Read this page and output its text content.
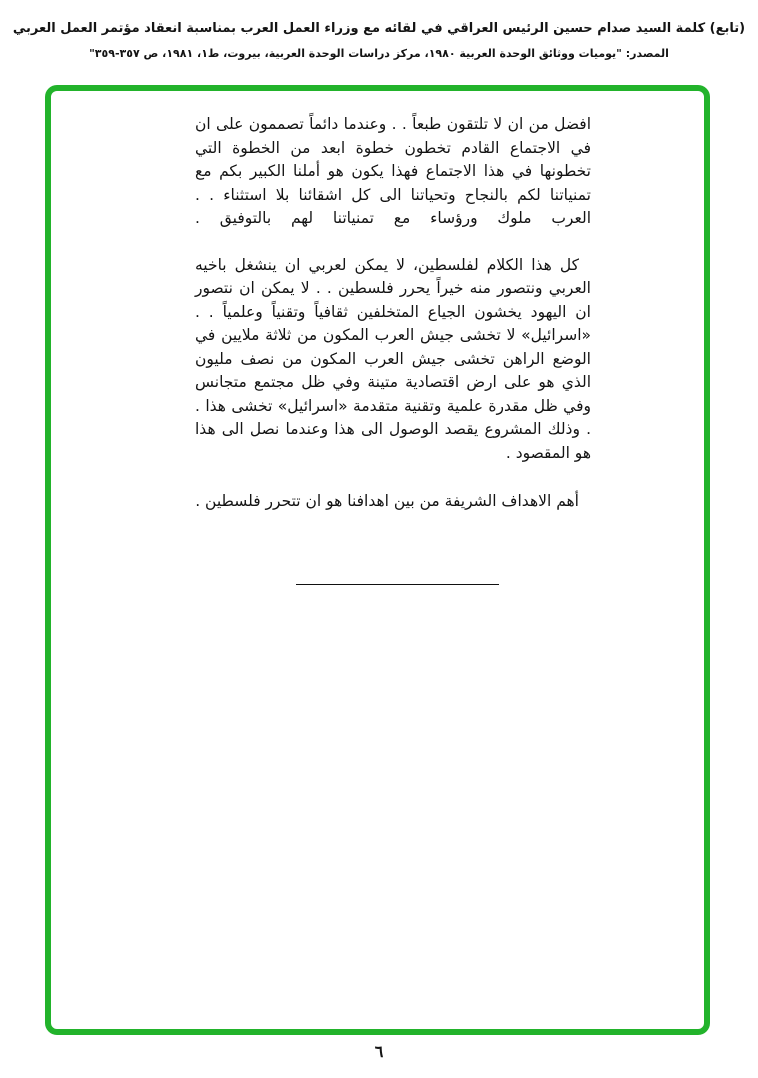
(تابع) كلمة السيد صدام حسين الرئيس العراقي في لقائه مع وزراء العمل العرب بمناسبة انعقاد مؤتمر العمل العربي
المصدر: "يوميات ووثائق الوحدة العربية ١٩٨٠، مركز دراسات الوحدة العربية، بيروت، ط١، ١٩٨١، ص ٣٥٧-٣٥٩"

افضل من ان لا تلتقون طبعاً . . وعندما دائماً تصممون على ان في الاجتماع القادم تخطون خطوة ابعد من الخطوة التي تخطونها في هذا الاجتماع فهذا يكون هو أملنا الكبير بكم مع تمنياتنا لكم بالنجاح وتحياتنا الى كل اشقائنا بلا استثناء . . العرب ملوك ورؤساء مع تمنياتنا لهم بالتوفيق .

كل هذا الكلام لفلسطين، لا يمكن لعربي ان ينشغل باخيه العربي ونتصور منه خيراً يحرر فلسطين . . لا يمكن ان نتصور ان اليهود يخشون الجياع المتخلفين ثقافياً وتقنياً وعلمياً . . «اسرائيل» لا تخشى جيش العرب المكون من ثلاثة ملايين في الوضع الراهن تخشى جيش العرب المكون من نصف مليون الذي هو على ارض اقتصادية متينة وفي ظل مجتمع متجانس وفي ظل مقدرة علمية وتقنية متقدمة «اسرائيل» تخشى هذا . . وذلك المشروع يقصد الوصول الى هذا وعندما نصل الى هذا هو المقصود .

أهم الاهداف الشريفة من بين اهدافنا هو ان تتحرر فلسطين .

٦
